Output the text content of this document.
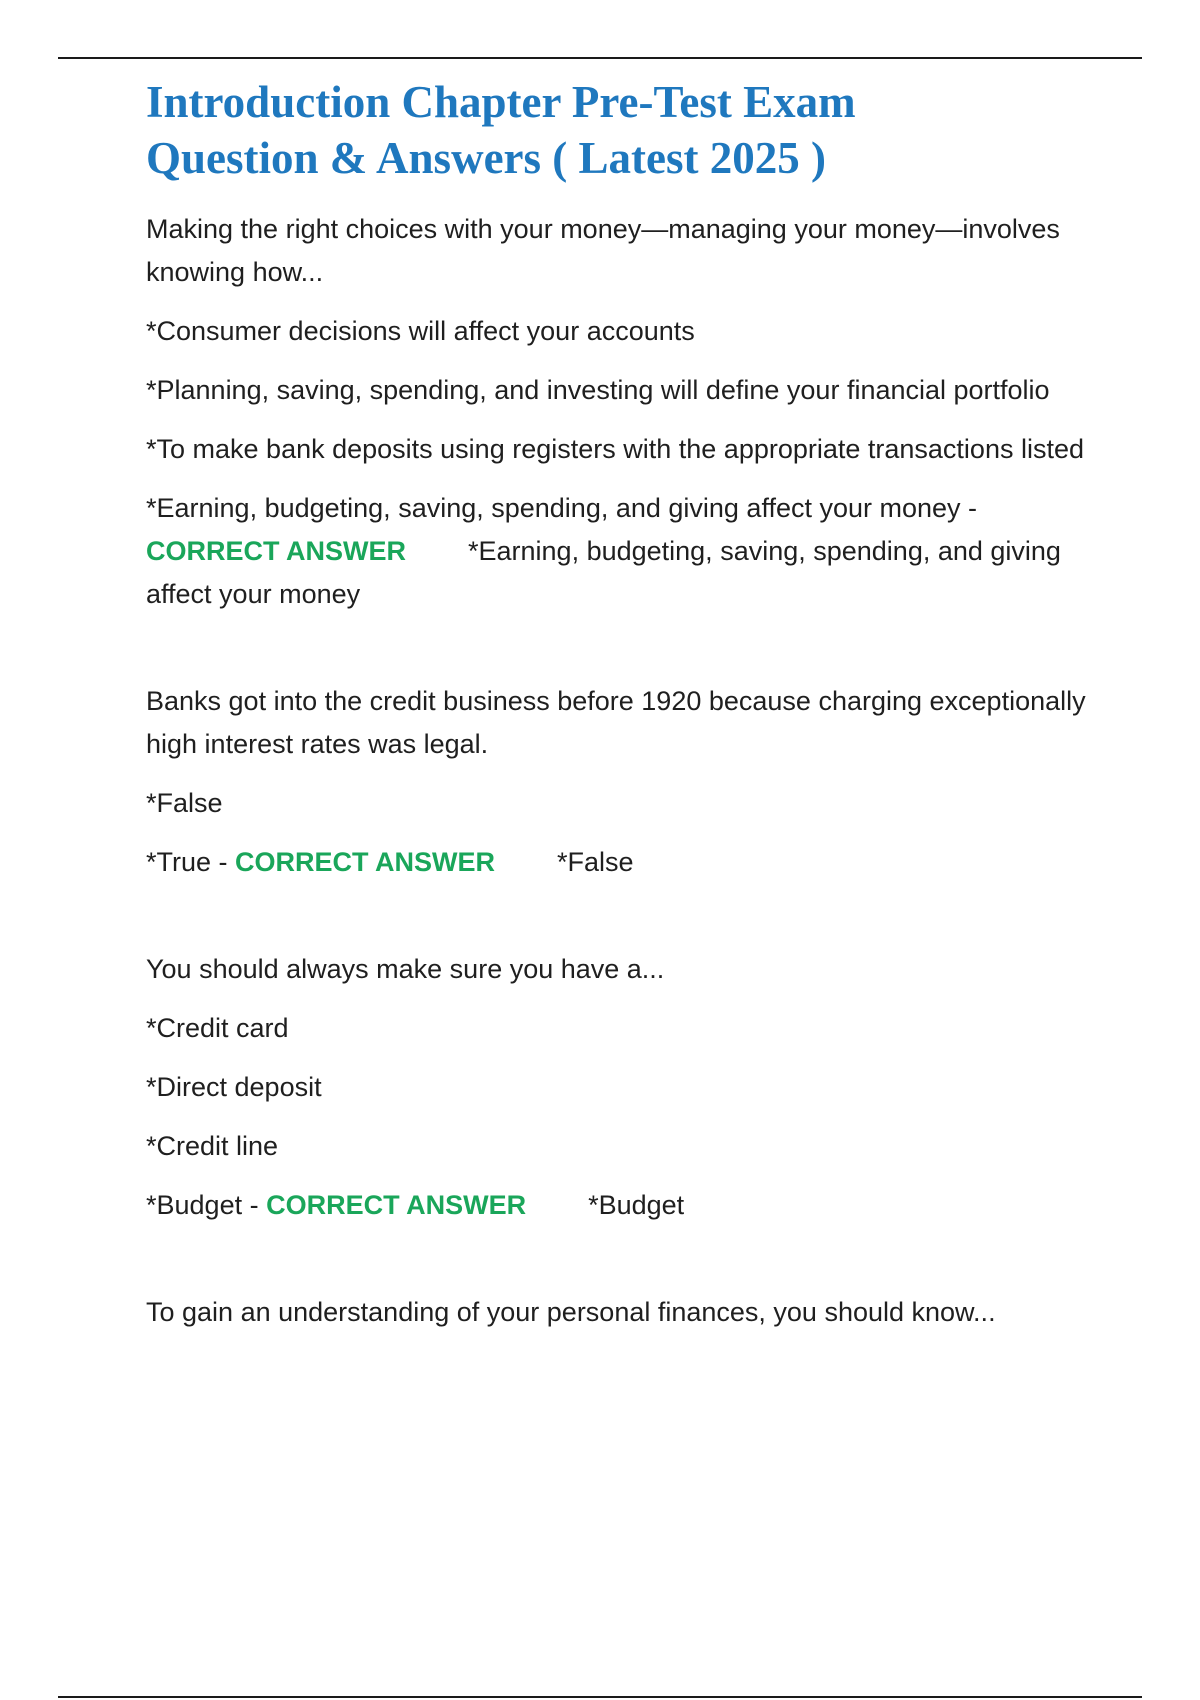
Introduction Chapter Pre-Test Exam
Question & Answers ( Latest 2025 )

Making the right choices with your money—managing your money—involves knowing how...

*Consumer decisions will affect your accounts

*Planning, saving, spending, and investing will define your financial portfolio

*To make bank deposits using registers with the appropriate transactions listed

*Earning, budgeting, saving, spending, and giving affect your money - CORRECT ANSWER *Earning, budgeting, saving, spending, and giving affect your money

Banks got into the credit business before 1920 because charging exceptionally high interest rates was legal.

*False

*True - CORRECT ANSWER *False

You should always make sure you have a...

*Credit card

*Direct deposit

*Credit line

*Budget - CORRECT ANSWER *Budget

To gain an understanding of your personal finances, you should know...
